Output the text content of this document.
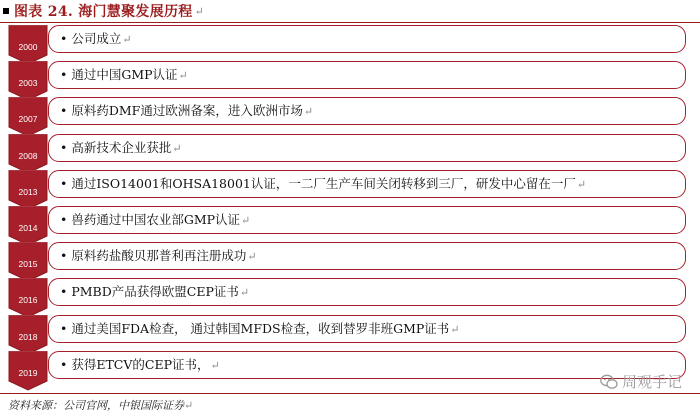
图表 24. 海门慧聚发展历程 ↵
2000
• 公司成立↵
2003
• 通过中国GMP认证↵
2007
• 原料药DMF通过欧洲备案，进入欧洲市场↵
2008
• 高新技术企业获批↵
2013
• 通过ISO14001和OHSA18001认证，一二厂生产车间关闭转移到三厂，研发中心留在一厂↵
2014
• 兽药通过中国农业部GMP认证↵
2015
• 原料药盐酸贝那普利再注册成功↵
2016
• PMBD产品获得欧盟CEP证书↵
2018
• 通过美国FDA检查， 通过韩国MFDS检查，收到替罗非班GMP证书↵
2019
• 获得ETCV的CEP证书，↵
周观手记
资料来源：公司官网，中银国际证券↵
